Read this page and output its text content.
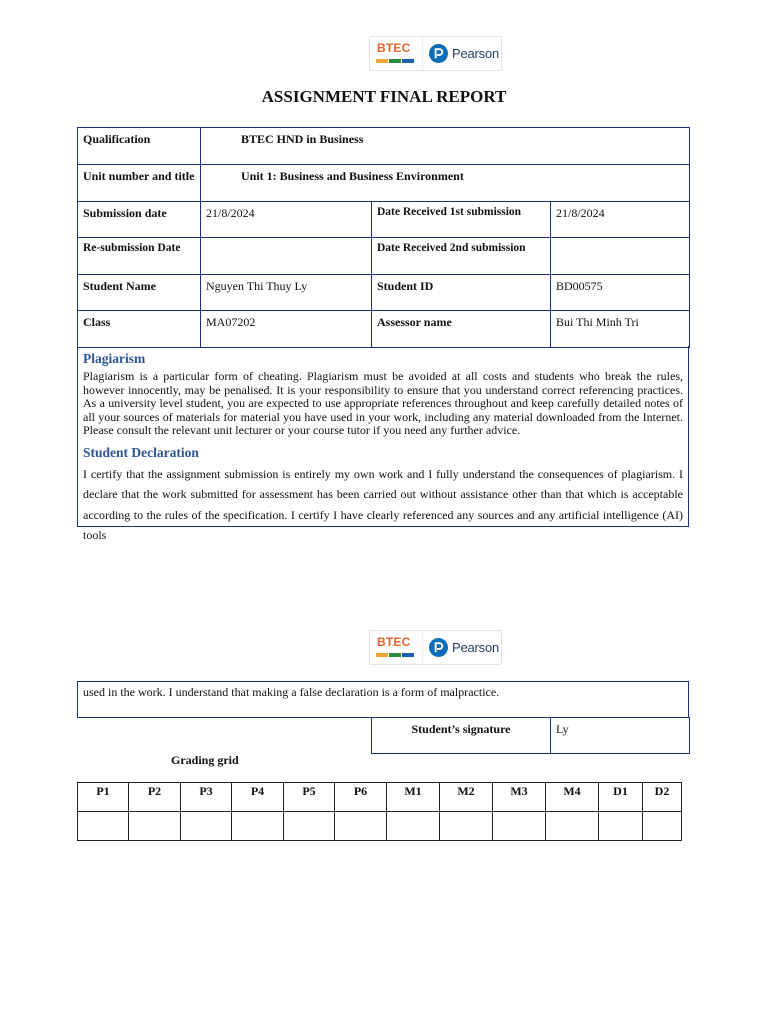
BTEC	Pearson
ASSIGNMENT FINAL REPORT
Qualification	BTEC HND in Business		
Unit number and title	Unit 1: Business and Business Environment		
Submission date	21/8/2024	Date Received 1st submission	21/8/2024
Re-submission Date		Date Received 2nd submission	
Student Name	Nguyen Thi Thuy Ly	Student ID	BD00575
Class	MA07202	Assessor name	Bui Thi Minh Tri
Plagiarism

Plagiarism is a particular form of cheating. Plagiarism must be avoided at all costs and students who break the rules, however innocently, may be penalised. It is your responsibility to ensure that you understand correct referencing practices. As a university level student, you are expected to use appropriate references throughout and keep carefully detailed notes of all your sources of materials for material you have used in your work, including any material downloaded from the Internet. Please consult the relevant unit lecturer or your course tutor if you need any further advice.

Student Declaration

I certify that the assignment submission is entirely my own work and I fully understand the consequences of plagiarism. I declare that the work submitted for assessment has been carried out without assistance other than that which is acceptable according to the rules of the specification. I certify I have clearly referenced any sources and any artificial intelligence (AI) tools

BTEC	Pearson
used in the work. I understand that making a false declaration is a form of malpractice.
Student’s signature	Ly
Grading grid
P1	P2	P3	P4	P5	P6	M1	M2	M3	M4	D1	D2
